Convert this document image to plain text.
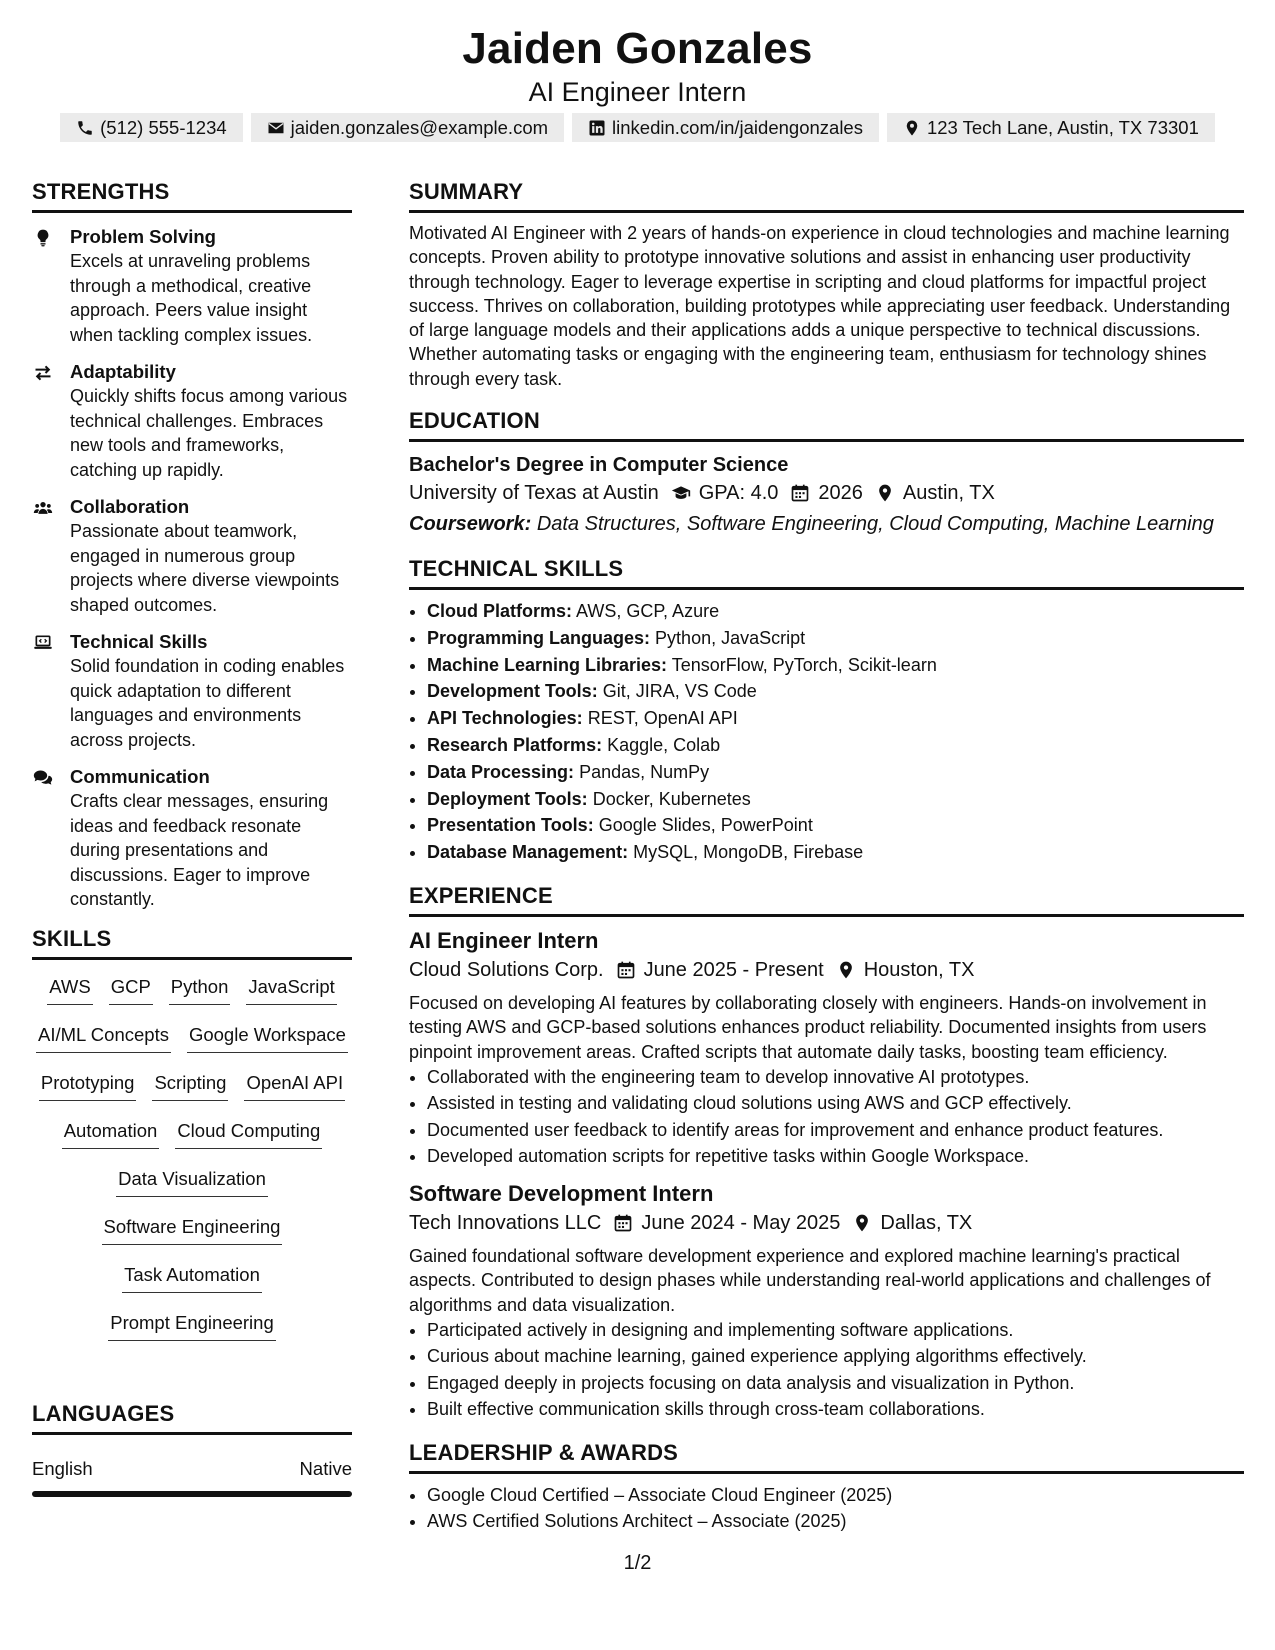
Jaiden Gonzales
AI Engineer Intern
(512) 555-1234	jaiden.gonzales@example.com	linkedin.com/in/jaidengonzales	123 Tech Lane, Austin, TX 73301
STRENGTHS
Problem Solving
Excels at unraveling problems through a methodical, creative approach. Peers value insight when tackling complex issues.
Adaptability
Quickly shifts focus among various technical challenges. Embraces new tools and frameworks, catching up rapidly.
Collaboration
Passionate about teamwork, engaged in numerous group projects where diverse viewpoints shaped outcomes.
Technical Skills
Solid foundation in coding enables quick adaptation to different languages and environments across projects.
Communication
Crafts clear messages, ensuring ideas and feedback resonate during presentations and discussions. Eager to improve constantly.
SKILLS
AWS GCP Python JavaScript
AI/ML Concepts Google Workspace
Prototyping Scripting OpenAI API
Automation Cloud Computing
Data Visualization
Software Engineering
Task Automation
Prompt Engineering
LANGUAGES
English	Native
SUMMARY
Motivated AI Engineer with 2 years of hands-on experience in cloud technologies and machine learning concepts. Proven ability to prototype innovative solutions and assist in enhancing user productivity through technology. Eager to leverage expertise in scripting and cloud platforms for impactful project success. Thrives on collaboration, building prototypes while appreciating user feedback. Understanding of large language models and their applications adds a unique perspective to technical discussions. Whether automating tasks or engaging with the engineering team, enthusiasm for technology shines through every task.
EDUCATION
Bachelor's Degree in Computer Science
University of Texas at Austin GPA: 4.0 2026 Austin, TX
Coursework: Data Structures, Software Engineering, Cloud Computing, Machine Learning
TECHNICAL SKILLS
• Cloud Platforms: AWS, GCP, Azure
• Programming Languages: Python, JavaScript
• Machine Learning Libraries: TensorFlow, PyTorch, Scikit-learn
• Development Tools: Git, JIRA, VS Code
• API Technologies: REST, OpenAI API
• Research Platforms: Kaggle, Colab
• Data Processing: Pandas, NumPy
• Deployment Tools: Docker, Kubernetes
• Presentation Tools: Google Slides, PowerPoint
• Database Management: MySQL, MongoDB, Firebase
EXPERIENCE
AI Engineer Intern
Cloud Solutions Corp. June 2025 - Present Houston, TX
Focused on developing AI features by collaborating closely with engineers. Hands-on involvement in testing AWS and GCP-based solutions enhances product reliability. Documented insights from users pinpoint improvement areas. Crafted scripts that automate daily tasks, boosting team efficiency.
• Collaborated with the engineering team to develop innovative AI prototypes.
• Assisted in testing and validating cloud solutions using AWS and GCP effectively.
• Documented user feedback to identify areas for improvement and enhance product features.
• Developed automation scripts for repetitive tasks within Google Workspace.
Software Development Intern
Tech Innovations LLC June 2024 - May 2025 Dallas, TX
Gained foundational software development experience and explored machine learning's practical aspects. Contributed to design phases while understanding real-world applications and challenges of algorithms and data visualization.
• Participated actively in designing and implementing software applications.
• Curious about machine learning, gained experience applying algorithms effectively.
• Engaged deeply in projects focusing on data analysis and visualization in Python.
• Built effective communication skills through cross-team collaborations.
LEADERSHIP & AWARDS
• Google Cloud Certified – Associate Cloud Engineer (2025)
• AWS Certified Solutions Architect – Associate (2025)
1/2
